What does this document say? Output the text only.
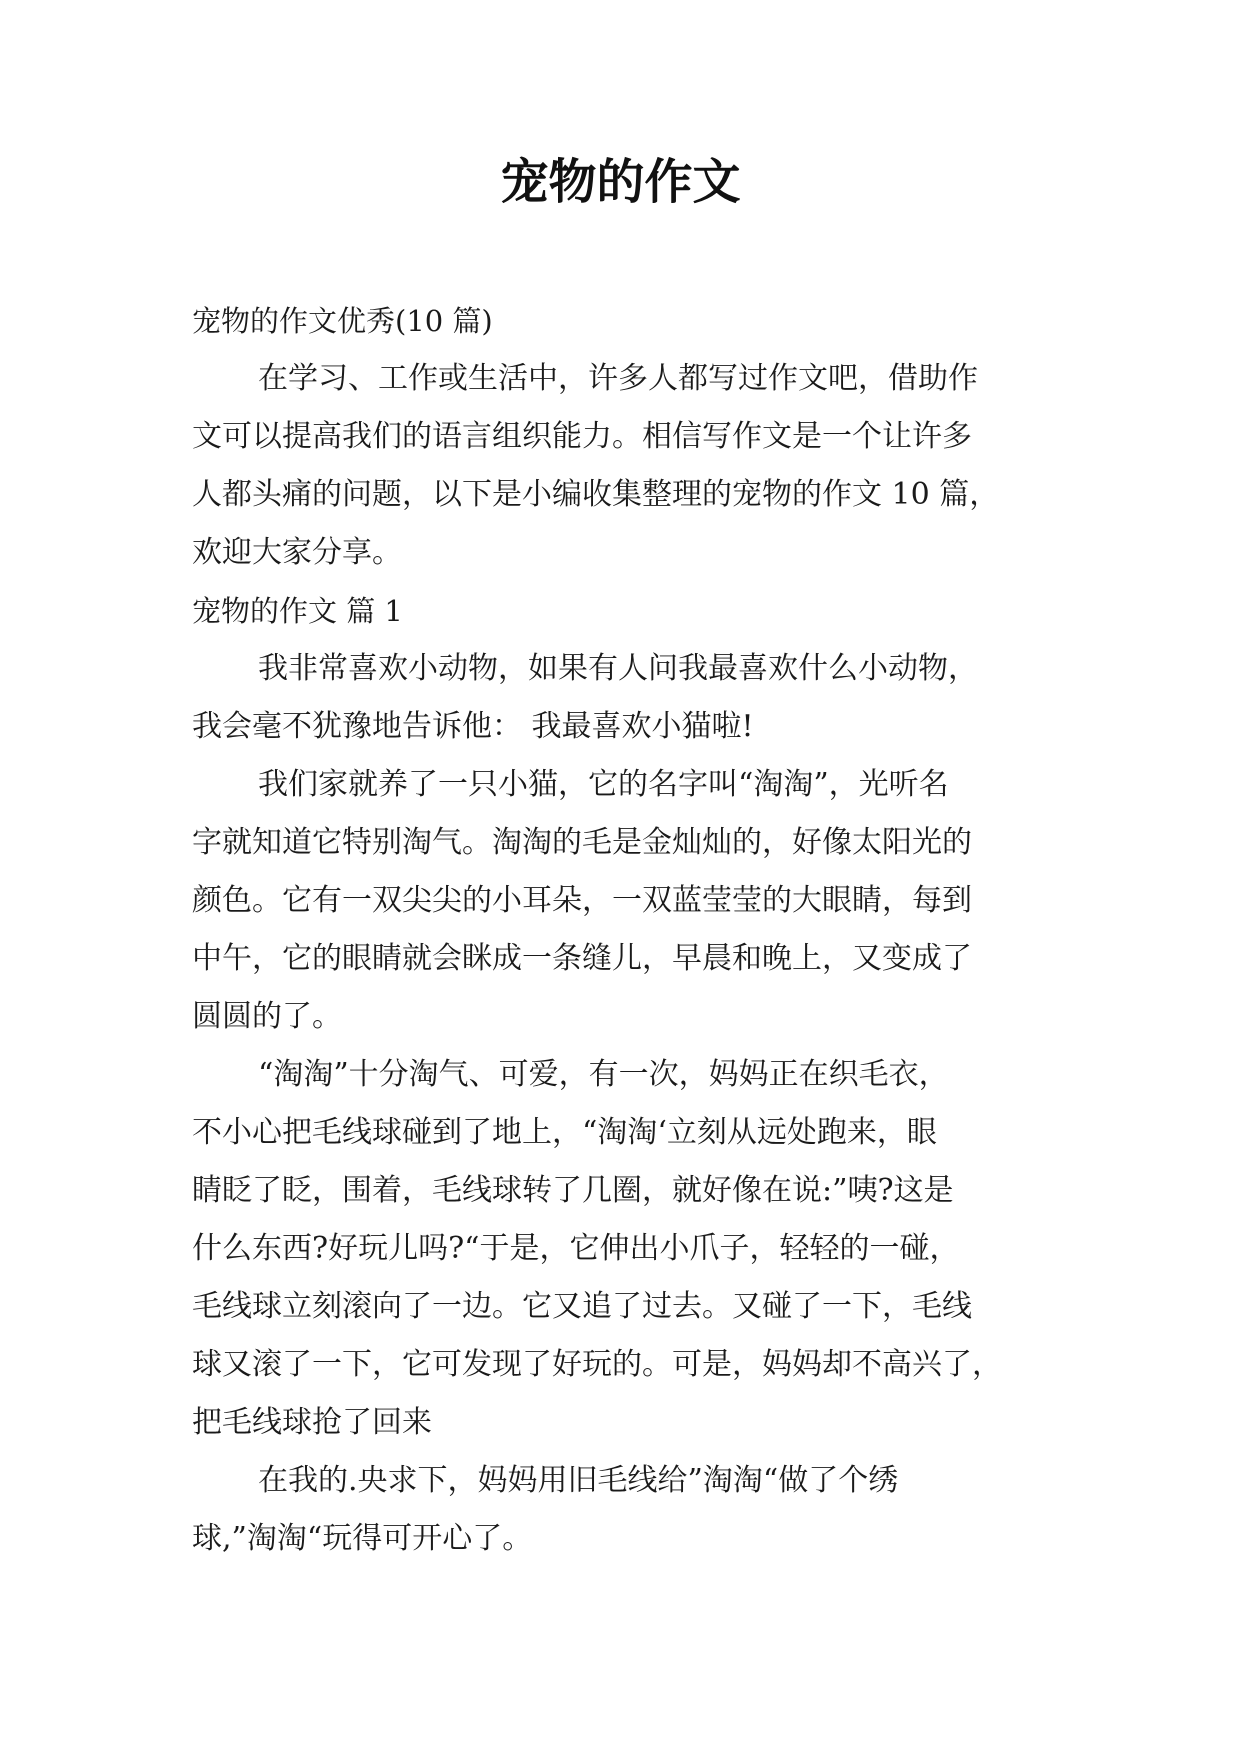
宠物的作文
宠物的作文优秀(10 篇)
在学习、工作或生活中，许多人都写过作文吧，借助作
文可以提高我们的语言组织能力。相信写作文是一个让许多
人都头痛的问题，以下是小编收集整理的宠物的作文 10 篇，
欢迎大家分享。
宠物的作文 篇 1
我非常喜欢小动物，如果有人问我最喜欢什么小动物，
我会毫不犹豫地告诉他： 我最喜欢小猫啦!
我们家就养了一只小猫，它的名字叫“淘淘”，光听名
字就知道它特别淘气。淘淘的毛是金灿灿的，好像太阳光的
颜色。它有一双尖尖的小耳朵，一双蓝莹莹的大眼睛，每到
中午，它的眼睛就会眯成一条缝儿，早晨和晚上，又变成了
圆圆的了。
“淘淘”十分淘气、可爱，有一次，妈妈正在织毛衣，
不小心把毛线球碰到了地上，“淘淘‘立刻从远处跑来，眼
睛眨了眨，围着，毛线球转了几圈，就好像在说:”咦?这是
什么东西?好玩儿吗?“于是，它伸出小爪子，轻轻的一碰，
毛线球立刻滚向了一边。它又追了过去。又碰了一下，毛线
球又滚了一下，它可发现了好玩的。可是，妈妈却不高兴了，
把毛线球抢了回来
在我的.央求下，妈妈用旧毛线给”淘淘“做了个绣
球,”淘淘“玩得可开心了。
